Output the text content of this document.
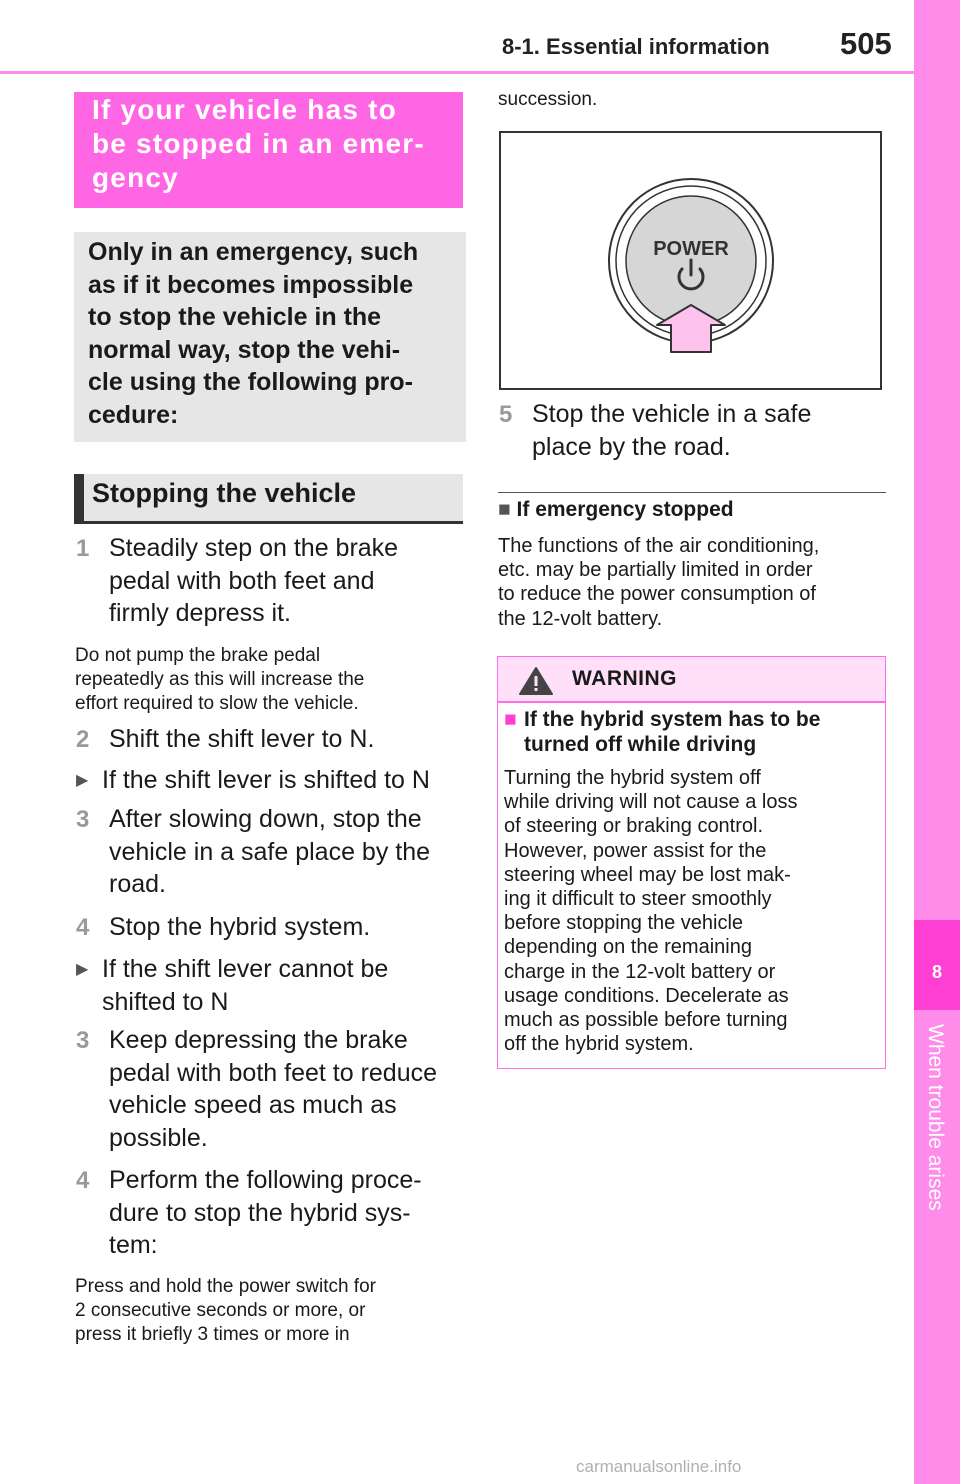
8-1. Essential information 505
8
When trouble arises
If your vehicle has to
be stopped in an emer-
gency
Only in an emergency, such
as if it becomes impossible
to stop the vehicle in the
normal way, stop the vehi-
cle using the following pro-
cedure:
Stopping the vehicle
1 Steadily step on the brake
pedal with both feet and
firmly depress it.
Do not pump the brake pedal
repeatedly as this will increase the
effort required to slow the vehicle.
2 Shift the shift lever to N.
▶ If the shift lever is shifted to N
3 After slowing down, stop the
vehicle in a safe place by the
road.
4 Stop the hybrid system.
▶ If the shift lever cannot be
shifted to N
3 Keep depressing the brake
pedal with both feet to reduce
vehicle speed as much as
possible.
4 Perform the following proce-
dure to stop the hybrid sys-
tem:
Press and hold the power switch for
2 consecutive seconds or more, or
press it briefly 3 times or more in
succession.
POWER
5 Stop the vehicle in a safe
place by the road.
■ If emergency stopped
The functions of the air conditioning,
etc. may be partially limited in order
to reduce the power consumption of
the 12-volt battery.
WARNING
■ If the hybrid system has to be
turned off while driving
Turning the hybrid system off
while driving will not cause a loss
of steering or braking control.
However, power assist for the
steering wheel may be lost mak-
ing it difficult to steer smoothly
before stopping the vehicle
depending on the remaining
charge in the 12-volt battery or
usage conditions. Decelerate as
much as possible before turning
off the hybrid system.
carmanualsonline.info
